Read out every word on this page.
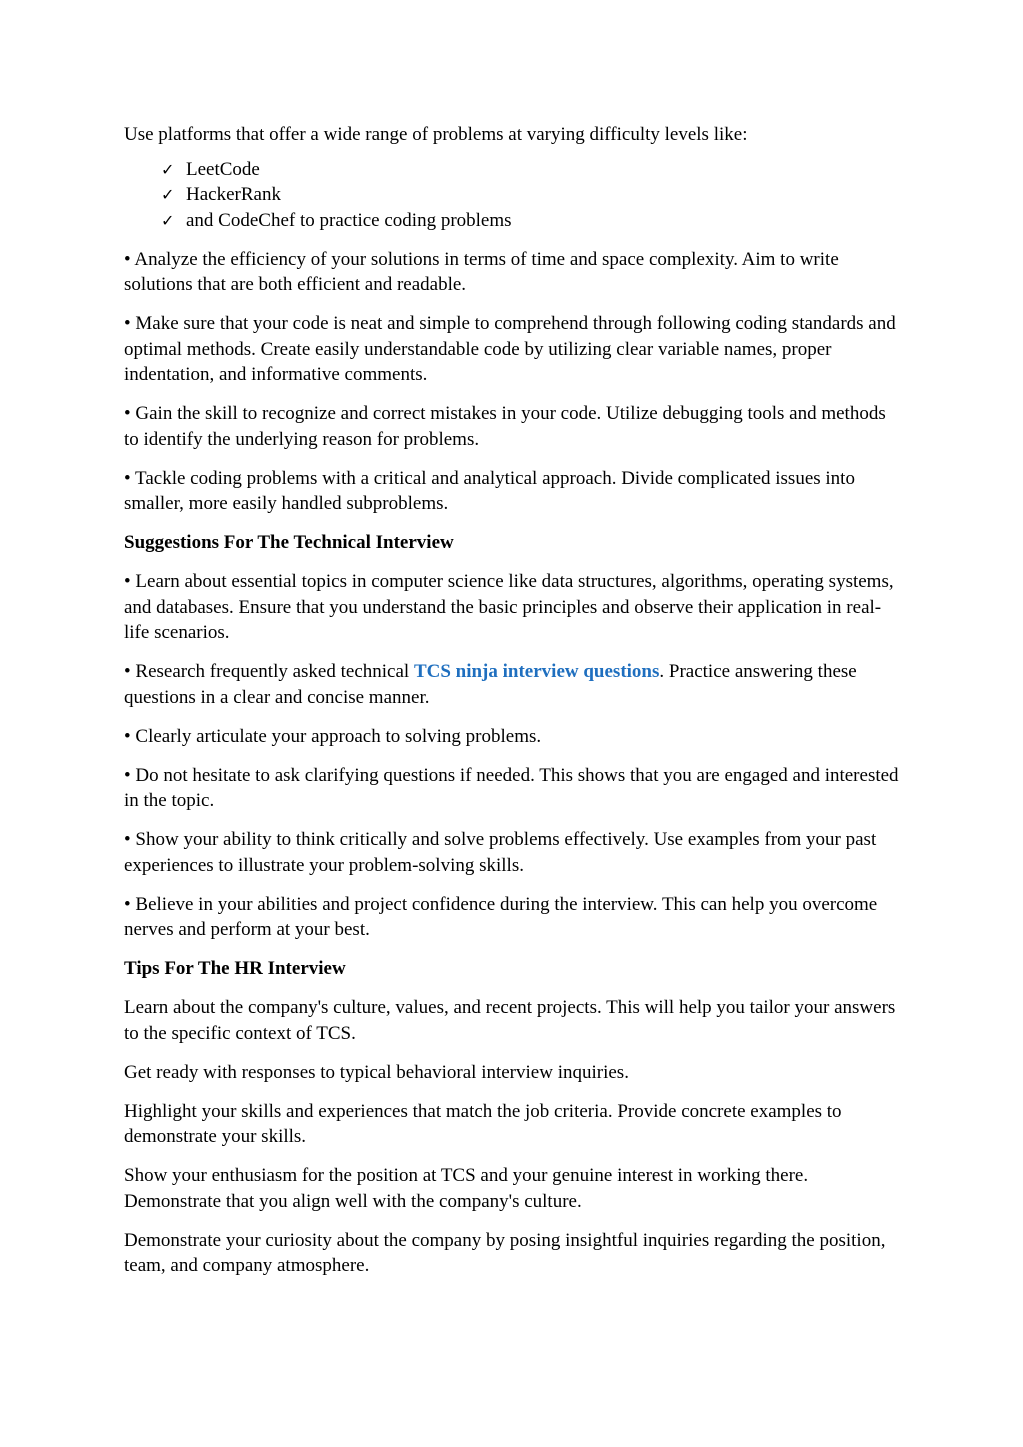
Use platforms that offer a wide range of problems at varying difficulty levels like:

✓ LeetCode
✓ HackerRank
✓ and CodeChef to practice coding problems

• Analyze the efficiency of your solutions in terms of time and space complexity. Aim to write solutions that are both efficient and readable.

• Make sure that your code is neat and simple to comprehend through following coding standards and optimal methods. Create easily understandable code by utilizing clear variable names, proper indentation, and informative comments.

• Gain the skill to recognize and correct mistakes in your code. Utilize debugging tools and methods to identify the underlying reason for problems.

• Tackle coding problems with a critical and analytical approach. Divide complicated issues into smaller, more easily handled subproblems.

Suggestions For The Technical Interview

• Learn about essential topics in computer science like data structures, algorithms, operating systems, and databases. Ensure that you understand the basic principles and observe their application in real-life scenarios.

• Research frequently asked technical TCS ninja interview questions. Practice answering these questions in a clear and concise manner.

• Clearly articulate your approach to solving problems.

• Do not hesitate to ask clarifying questions if needed. This shows that you are engaged and interested in the topic.

• Show your ability to think critically and solve problems effectively. Use examples from your past experiences to illustrate your problem-solving skills.

• Believe in your abilities and project confidence during the interview. This can help you overcome nerves and perform at your best.

Tips For The HR Interview

Learn about the company's culture, values, and recent projects. This will help you tailor your answers to the specific context of TCS.

Get ready with responses to typical behavioral interview inquiries.

Highlight your skills and experiences that match the job criteria. Provide concrete examples to demonstrate your skills.

Show your enthusiasm for the position at TCS and your genuine interest in working there. Demonstrate that you align well with the company's culture.

Demonstrate your curiosity about the company by posing insightful inquiries regarding the position, team, and company atmosphere.
